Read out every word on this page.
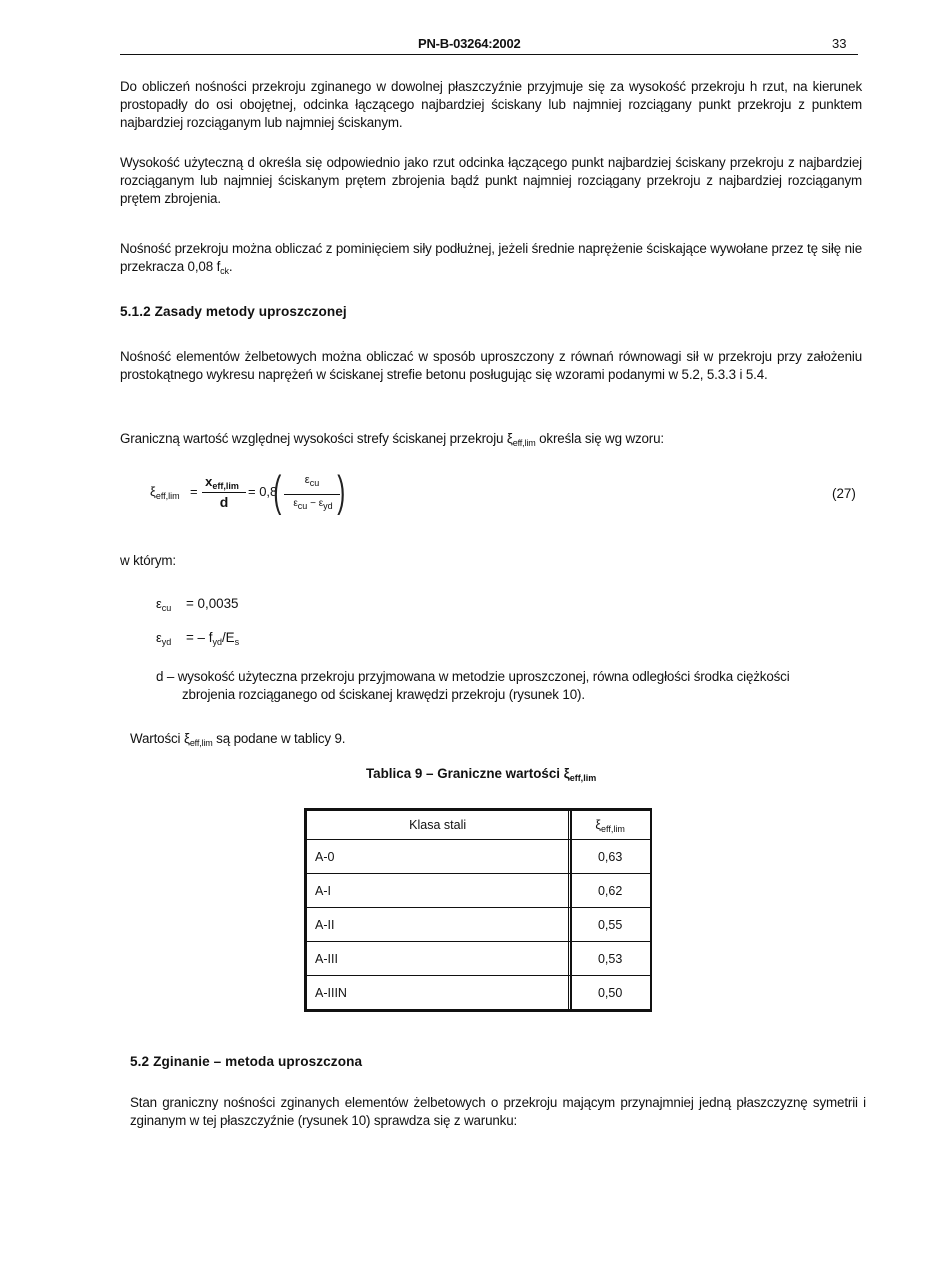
PN-B-03264:2002	33
Do obliczeń nośności przekroju zginanego w dowolnej płaszczyźnie przyjmuje się za wysokość przekroju h rzut, na kierunek prostopadły do osi obojętnej, odcinka łączącego najbardziej ściskany lub najmniej rozciągany punkt przekroju z punktem najbardziej rozciąganym lub najmniej ściskanym.
Wysokość użyteczną d określa się odpowiednio jako rzut odcinka łączącego punkt najbardziej ściskany przekroju z najbardziej rozciąganym lub najmniej ściskanym prętem zbrojenia bądź punkt najmniej rozciągany przekroju z najbardziej rozciąganym prętem zbrojenia.
Nośność przekroju można obliczać z pominięciem siły podłużnej, jeżeli średnie naprężenie ściskające wywołane przez tę siłę nie przekracza 0,08 $f_{ck}$.
5.1.2 Zasady metody uproszczonej
Nośność elementów żelbetowych można obliczać w sposób uproszczony z równań równowagi sił w przekroju przy założeniu prostokątnego wykresu naprężeń w ściskanej strefie betonu posługując się wzorami podanymi w 5.2, 5.3.3 i 5.4.
Graniczną wartość względnej wysokości strefy ściskanej przekroju $\xi_{eff,lim}$ określa się wg wzoru:
$\xi_{eff,lim}$ =
$x_{eff,lim}$
d
= 0,8
(	$\varepsilon_{cu}$
$\varepsilon_{cu} - \varepsilon_{yd}$ )	(27)
w którym:
$\varepsilon_{cu} = 0,0035$
$\varepsilon_{yd}$ = – $f_{yd}/E_s$
d – wysokość użyteczna przekroju przyjmowana w metodzie uproszczonej, równa odległości środka ciężkości
zbrojenia rozciąganego od ściskanej krawędzi przekroju (rysunek 10).
Wartości $\xi_{eff,lim}$ są podane w tablicy 9.
Tablica 9 – Graniczne wartości $\xi_{eff,lim}$
Klasa stali	$\xi_{eff,lim}$
A-0	0,63
A-I	0,62
A-II	0,55
A-III	0,53
A-IIIN	0,50
5.2 Zginanie – metoda uproszczona
Stan graniczny nośności zginanych elementów żelbetowych o przekroju mającym przynajmniej jedną płaszczyznę symetrii i zginanym w tej płaszczyźnie (rysunek 10) sprawdza się z warunku:
